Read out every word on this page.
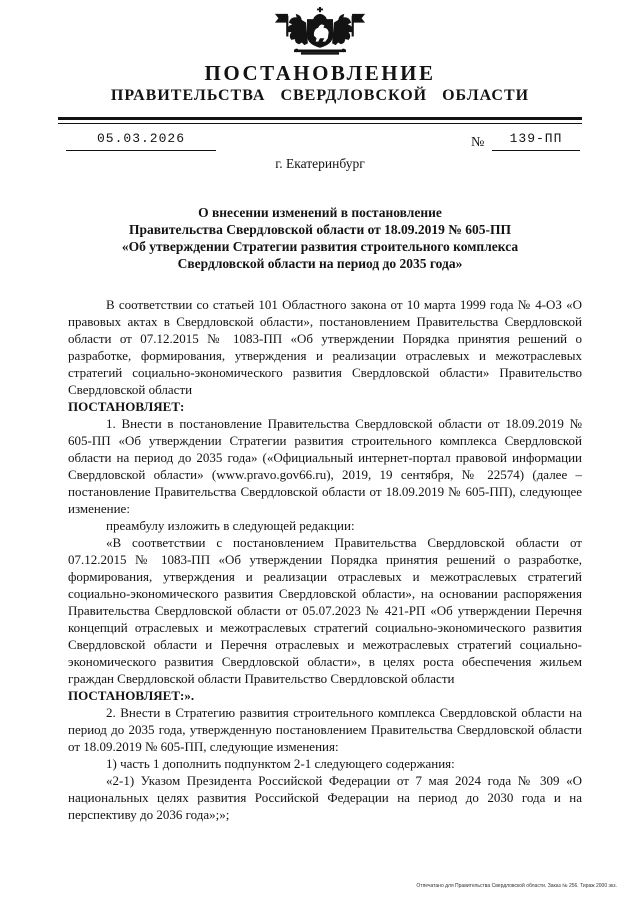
ПОСТАНОВЛЕНИЕ
ПРАВИТЕЛЬСТВА СВЕРДЛОВСКОЙ ОБЛАСТИ
05.03.2026	№	139-ПП
г. Екатеринбург
О внесении изменений в постановление
Правительства Свердловской области от 18.09.2019 № 605-ПП
«Об утверждении Стратегии развития строительного комплекса
Свердловской области на период до 2035 года»

В соответствии со статьей 101 Областного закона от 10 марта 1999 года № 4-ОЗ «О правовых актах в Свердловской области», постановлением Правительства Свердловской области от 07.12.2015 № 1083-ПП «Об утверждении Порядка принятия решений о разработке, формирования, утверждения и реализации отраслевых и межотраслевых стратегий социально-экономического развития Свердловской области» Правительство Свердловской области

ПОСТАНОВЛЯЕТ:

1. Внести в постановление Правительства Свердловской области от 18.09.2019 № 605-ПП «Об утверждении Стратегии развития строительного комплекса Свердловской области на период до 2035 года» («Официальный интернет-портал правовой информации Свердловской области» (www.pravo.gov66.ru), 2019, 19 сентября, № 22574) (далее – постановление Правительства Свердловской области от 18.09.2019 № 605-ПП), следующее изменение:

преамбулу изложить в следующей редакции:

«В соответствии с постановлением Правительства Свердловской области от 07.12.2015 № 1083-ПП «Об утверждении Порядка принятия решений о разработке, формирования, утверждения и реализации отраслевых и межотраслевых стратегий социально-экономического развития Свердловской области», на основании распоряжения Правительства Свердловской области от 05.07.2023 № 421-РП «Об утверждении Перечня концепций отраслевых и межотраслевых стратегий социально-экономического развития Свердловской области и Перечня отраслевых и межотраслевых стратегий социально-экономического развития Свердловской области», в целях роста обеспечения жильем граждан Свердловской области Правительство Свердловской области

ПОСТАНОВЛЯЕТ:».

2. Внести в Стратегию развития строительного комплекса Свердловской области на период до 2035 года, утвержденную постановлением Правительства Свердловской области от 18.09.2019 № 605-ПП, следующие изменения:

1) часть 1 дополнить подпунктом 2-1 следующего содержания:

«2-1) Указом Президента Российской Федерации от 7 мая 2024 года № 309 «О национальных целях развития Российской Федерации на период до 2030 года и на перспективу до 2036 года»;»;

Отпечатано для Правительства Свердловской области. Заказ № 256. Тираж 2000 экз.
